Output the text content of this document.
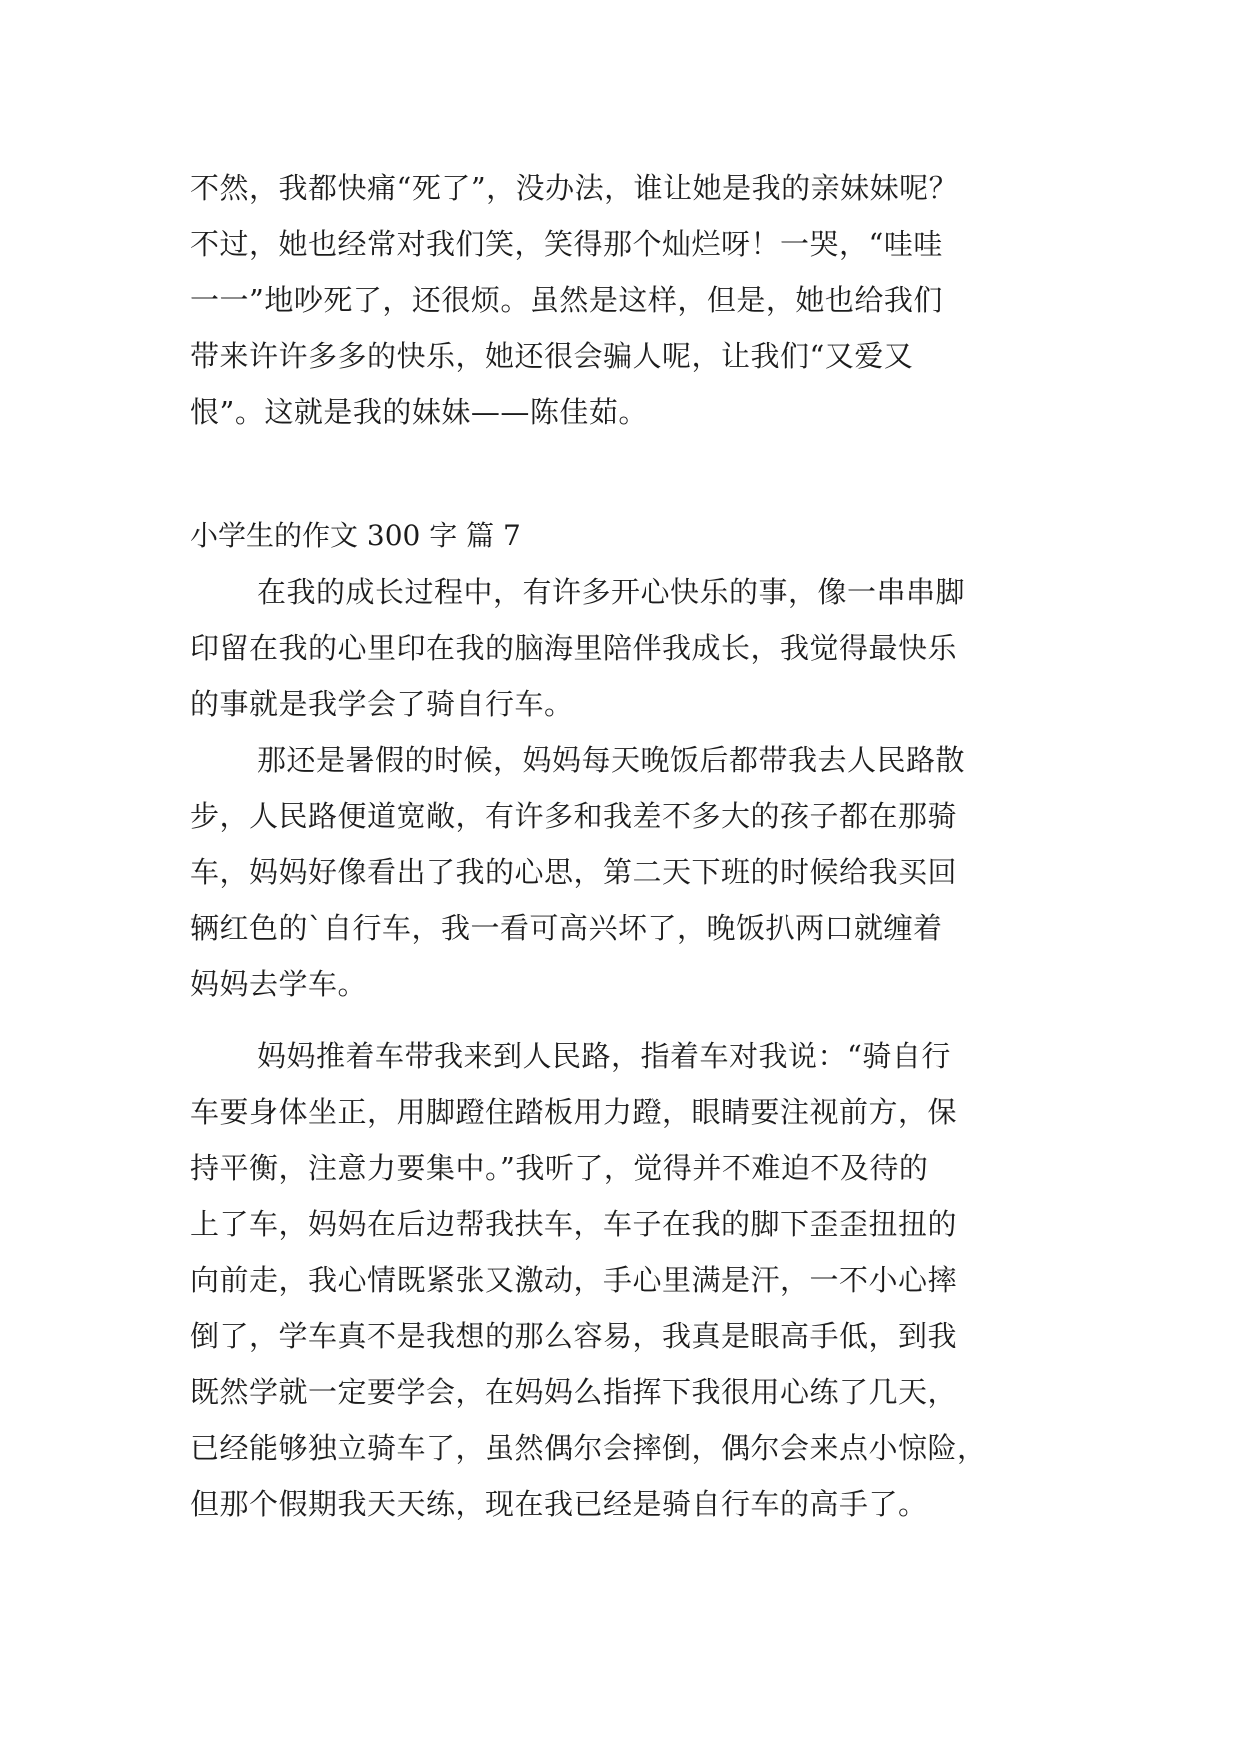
不然，我都快痛“死了”，没办法，谁让她是我的亲妹妹呢？
不过，她也经常对我们笑，笑得那个灿烂呀！一哭，“哇哇
一一”地吵死了，还很烦。虽然是这样，但是，她也给我们
带来许许多多的快乐，她还很会骗人呢，让我们“又爱又
恨”。这就是我的妹妹——陈佳茹。
小学生的作文 300 字 篇 7
在我的成长过程中，有许多开心快乐的事，像一串串脚
印留在我的心里印在我的脑海里陪伴我成长，我觉得最快乐
的事就是我学会了骑自行车。
那还是暑假的时候，妈妈每天晚饭后都带我去人民路散
步，人民路便道宽敞，有许多和我差不多大的孩子都在那骑
车，妈妈好像看出了我的心思，第二天下班的时候给我买回
辆红色的`自行车，我一看可高兴坏了，晚饭扒两口就缠着
妈妈去学车。
妈妈推着车带我来到人民路，指着车对我说：“骑自行
车要身体坐正，用脚蹬住踏板用力蹬，眼睛要注视前方，保
持平衡，注意力要集中。”我听了，觉得并不难迫不及待的
上了车，妈妈在后边帮我扶车，车子在我的脚下歪歪扭扭的
向前走，我心情既紧张又激动，手心里满是汗，一不小心摔
倒了，学车真不是我想的那么容易，我真是眼高手低，到我
既然学就一定要学会，在妈妈么指挥下我很用心练了几天，
已经能够独立骑车了，虽然偶尔会摔倒，偶尔会来点小惊险，
但那个假期我天天练，现在我已经是骑自行车的高手了。
